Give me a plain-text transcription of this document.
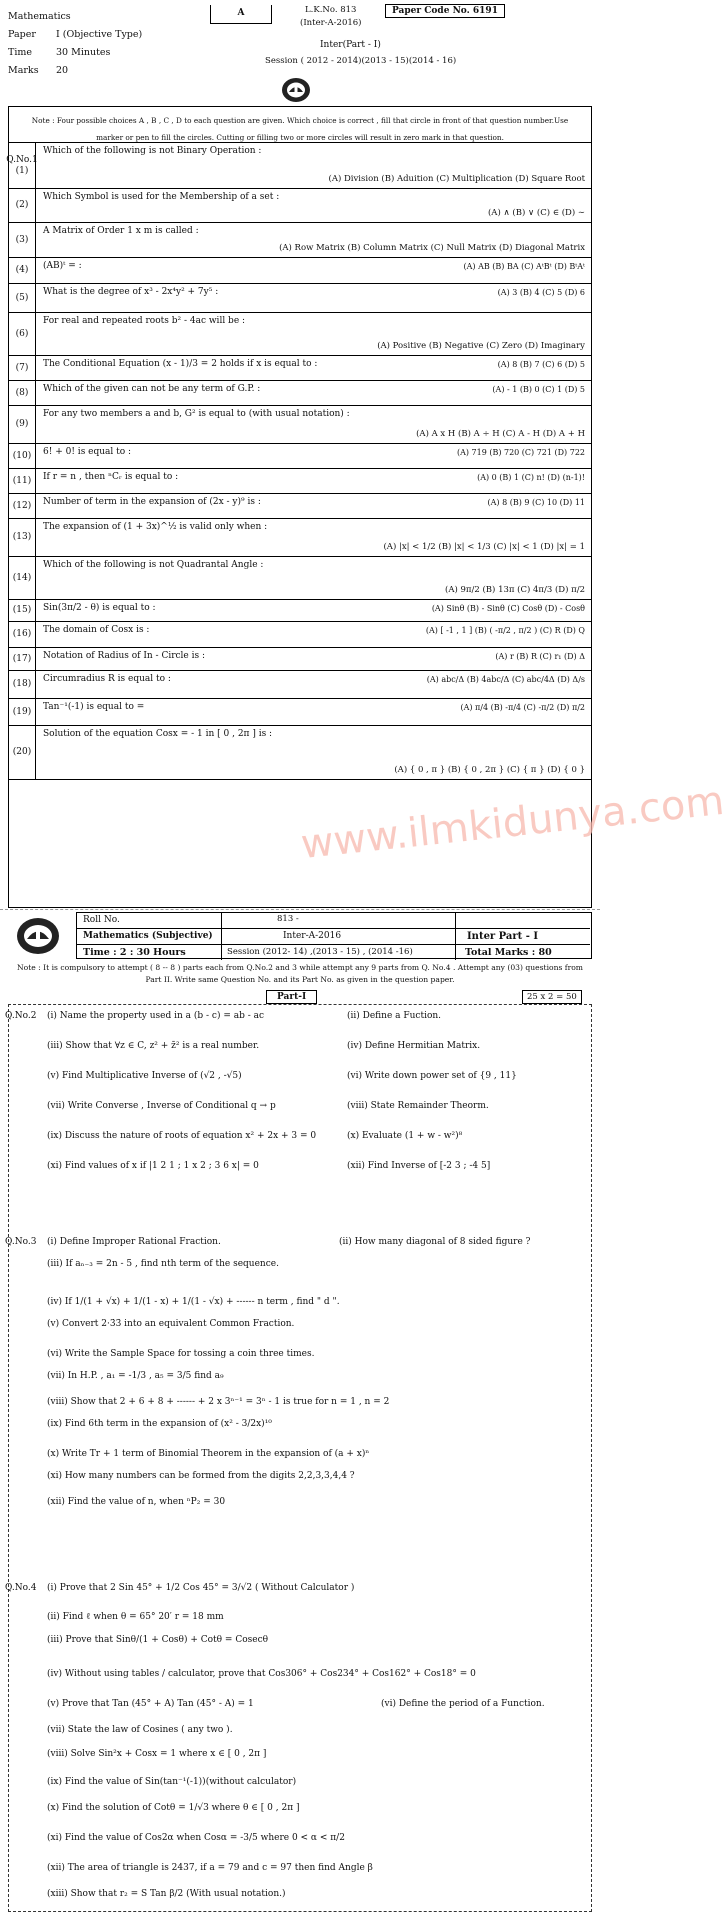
Mathematics
Paper	I (Objective Type)
Time	30 Minutes
Marks	20
A	L.K.No. 813
(Inter-A-2016)
Paper Code No. 6191
Inter(Part - I)
Session ( 2012 - 2014)(2013 - 15)(2014 - 16)
Note : Four possible choices A , B , C , D to each question are given. Which choice is correct , fill that circle in front of that question number.Use marker or pen to fill the circles. Cutting or filling two or more circles will result in zero mark in that question.
Q.No.1
(1)
Which of the following is not Binary Operation :
(A) Division (B) Aduition (C) Multiplication (D) Square Root
(2)
Which Symbol is used for the Membership of a set :
(A) ∧ (B) ∨ (C) ∈ (D) ∼
(3)
A Matrix of Order 1 x m is called :
(A) Row Matrix (B) Column Matrix (C) Null Matrix (D) Diagonal Matrix
(4)	(AB)ᵗ = :	(A) AB (B) BA (C) AᵗBᵗ (D) BᵗAᵗ
(5)
What is the degree of x³ - 2x⁴y² + 7y⁵ :	(A) 3 (B) 4 (C) 5 (D) 6
(6)
For real and repeated roots b² - 4ac will be :
(A) Positive (B) Negative (C) Zero (D) Imaginary
(7)	The Conditional Equation (x - 1)/3 = 2 holds if x is equal to :	(A) 8 (B) 7 (C) 6 (D) 5
(8)	Which of the given can not be any term of G.P. :	(A) - 1 (B) 0 (C) 1 (D) 5
(9)
For any two members a and b, G² is equal to (with usual notation) :
(A) A x H (B) A ÷ H (C) A - H (D) A + H
(10)	6! + 0! is equal to :	(A) 719 (B) 720 (C) 721 (D) 722
(11)	If r = n , then ⁿCᵣ is equal to :	(A) 0 (B) 1 (C) n! (D) (n-1)!
(12)	Number of term in the expansion of (2x - y)⁹ is :	(A) 8 (B) 9 (C) 10 (D) 11
(13)
The expansion of (1 + 3x)^½ is valid only when :
(A) |x| < 1/2 (B) |x| < 1/3 (C) |x| < 1 (D) |x| = 1
(14)
Which of the following is not Quadrantal Angle :
(A) 9π/2 (B) 13π (C) 4π/3 (D) π/2
(15)	Sin(3π/2 - θ) is equal to :	(A) Sinθ (B) - Sinθ (C) Cosθ (D) - Cosθ
(16)	The domain of Cosx is :	(A) [ -1 , 1 ] (B) ( -π/2 , π/2 ) (C) R (D) Q
(17)	Notation of Radius of In - Circle is :	(A) r (B) R (C) r₁ (D) Δ
(18)	Circumradius R is equal to :	(A) abc/Δ (B) 4abc/Δ (C) abc/4Δ (D) Δ/s
(19)	Tan⁻¹(-1) is equal to =	(A) π/4 (B) -π/4 (C) -π/2 (D) π/2
(20)
Solution of the equation Cosx = - 1 in [ 0 , 2π ] is :
(A) { 0 , π } (B) { 0 , 2π } (C) { π } (D) { 0 }
www.ilmkidunya.com
Roll No.	813 -
Mathematics (Subjective)	Inter-A-2016	Inter Part - I
Time : 2 : 30 Hours	Session (2012- 14) ,(2013 - 15) , (2014 -16)	Total Marks : 80
Note : It is compulsory to attempt ( 8 -- 8 ) parts each from Q.No.2 and 3 while attempt any 9 parts from Q. No.4 . Attempt any (03) questions from Part II. Write same Question No. and its Part No. as given in the question paper.
Part-I	25 x 2 = 50
Q.No.2 (i) Name the property used in a (b - c) = ab - ac	(ii) Define a Fuction.
(iii) Show that ∀z ∈ C, z² + z̄² is a real number.	(iv) Define Hermitian Matrix.
(v) Find Multiplicative Inverse of (√2 , -√5)	(vi) Write down power set of {9 , 11}
(vii) Write Converse , Inverse of Conditional q → p	(viii) State Remainder Theorm.
(ix) Discuss the nature of roots of equation x² + 2x + 3 = 0	(x) Evaluate (1 + w - w²)⁸
(xi) Find values of x if |1 2 1 ; 1 x 2 ; 3 6 x| = 0	(xii) Find Inverse of [-2 3 ; -4 5]
Q.No.3 (i) Define Improper Rational Fraction.	(ii) How many diagonal of 8 sided figure ?
(iii) If aₙ₋₃ = 2n - 5 , find nth term of the sequence.
(iv) If 1/(1 + √x) + 1/(1 - x) + 1/(1 - √x) + ------ n term , find " d ".
(v) Convert 2·3̇3̇ into an equivalent Common Fraction.
(vi) Write the Sample Space for tossing a coin three times.
(vii) In H.P. , a₁ = -1/3 , a₅ = 3/5 find a₉
(viii) Show that 2 + 6 + 8 + ------ + 2 x 3ⁿ⁻¹ = 3ⁿ - 1 is true for n = 1 , n = 2
(ix) Find 6th term in the expansion of (x² - 3/2x)¹⁰
(x) Write Tr + 1 term of Binomial Theorem in the expansion of (a + x)ⁿ
(xi) How many numbers can be formed from the digits 2,2,3,3,4,4 ?
(xii) Find the value of n, when ⁿP₂ = 30
Q.No.4 (i) Prove that 2 Sin 45° + 1/2 Cos 45° = 3/√2 ( Without Calculator )
(ii) Find ℓ when θ = 65° 20′ r = 18 mm
(iii) Prove that Sinθ/(1 + Cosθ) + Cotθ = Cosecθ
(iv) Without using tables / calculator, prove that Cos306° + Cos234° + Cos162° + Cos18° = 0
(v) Prove that Tan (45° + A) Tan (45° - A) = 1	(vi) Define the period of a Function.
(vii) State the law of Cosines ( any two ).
(viii) Solve Sin²x + Cosx = 1 where x ∈ [ 0 , 2π ]
(ix) Find the value of Sin(tan⁻¹(-1))(without calculator)
(x) Find the solution of Cotθ = 1/√3 where θ ∈ [ 0 , 2π ]
(xi) Find the value of Cos2α when Cosα = -3/5 where 0 < α < π/2
(xii) The area of triangle is 2437, if a = 79 and c = 97 then find Angle β
(xiii) Show that r₂ = S Tan β/2 (With usual notation.)
